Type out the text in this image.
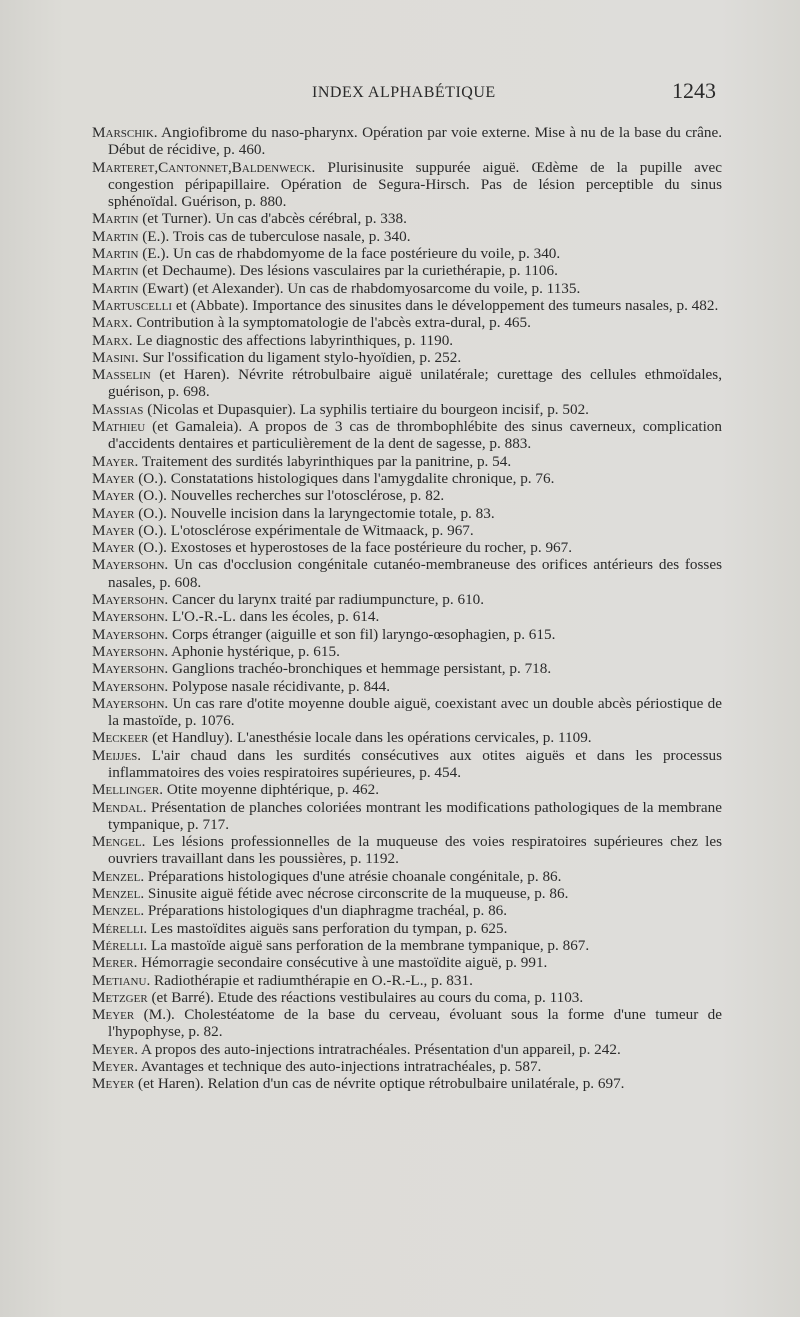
INDEX ALPHABÉTIQUE	1243

Marschik. Angiofibrome du naso-pharynx. Opération par voie externe. Mise à nu de la base du crâne. Début de récidive, p. 460.

Marteret,Cantonnet,Baldenweck. Plurisinusite suppurée aiguë. Œdème de la pupille avec congestion péripapillaire. Opération de Segura-Hirsch. Pas de lésion perceptible du sinus sphénoïdal. Guérison, p. 880.

Martin (et Turner). Un cas d'abcès cérébral, p. 338.

Martin (E.). Trois cas de tuberculose nasale, p. 340.

Martin (E.). Un cas de rhabdomyome de la face postérieure du voile, p. 340.

Martin (et Dechaume). Des lésions vasculaires par la curiethérapie, p. 1106.

Martin (Ewart) (et Alexander). Un cas de rhabdomyosarcome du voile, p. 1135.

Martuscelli et (Abbate). Importance des sinusites dans le développement des tumeurs nasales, p. 482.

Marx. Contribution à la symptomatologie de l'abcès extra-dural, p. 465.

Marx. Le diagnostic des affections labyrinthiques, p. 1190.

Masini. Sur l'ossification du ligament stylo-hyoïdien, p. 252.

Masselin (et Haren). Névrite rétrobulbaire aiguë unilatérale; curettage des cellules ethmoïdales, guérison, p. 698.

Massias (Nicolas et Dupasquier). La syphilis tertiaire du bourgeon incisif, p. 502.

Mathieu (et Gamaleia). A propos de 3 cas de thrombophlébite des sinus caverneux, complication d'accidents dentaires et particulièrement de la dent de sagesse, p. 883.

Mayer. Traitement des surdités labyrinthiques par la panitrine, p. 54.

Mayer (O.). Constatations histologiques dans l'amygdalite chronique, p. 76.

Mayer (O.). Nouvelles recherches sur l'otosclérose, p. 82.

Mayer (O.). Nouvelle incision dans la laryngectomie totale, p. 83.

Mayer (O.). L'otosclérose expérimentale de Witmaack, p. 967.

Mayer (O.). Exostoses et hyperostoses de la face postérieure du rocher, p. 967.

Mayersohn. Un cas d'occlusion congénitale cutanéo-membraneuse des orifices antérieurs des fosses nasales, p. 608.

Mayersohn. Cancer du larynx traité par radiumpuncture, p. 610.

Mayersohn. L'O.-R.-L. dans les écoles, p. 614.

Mayersohn. Corps étranger (aiguille et son fil) laryngo-œsophagien, p. 615.

Mayersohn. Aphonie hystérique, p. 615.

Mayersohn. Ganglions trachéo-bronchiques et hemmage persistant, p. 718.

Mayersohn. Polypose nasale récidivante, p. 844.

Mayersohn. Un cas rare d'otite moyenne double aiguë, coexistant avec un double abcès périostique de la mastoïde, p. 1076.

Meckeer (et Handluy). L'anesthésie locale dans les opérations cervicales, p. 1109.

Meijjes. L'air chaud dans les surdités consécutives aux otites aiguës et dans les processus inflammatoires des voies respiratoires supérieures, p. 454.

Mellinger. Otite moyenne diphtérique, p. 462.

Mendal. Présentation de planches coloriées montrant les modifications pathologiques de la membrane tympanique, p. 717.

Mengel. Les lésions professionnelles de la muqueuse des voies respiratoires supérieures chez les ouvriers travaillant dans les poussières, p. 1192.

Menzel. Préparations histologiques d'une atrésie choanale congénitale, p. 86.

Menzel. Sinusite aiguë fétide avec nécrose circonscrite de la muqueuse, p. 86.

Menzel. Préparations histologiques d'un diaphragme trachéal, p. 86.

Mérelli. Les mastoïdites aiguës sans perforation du tympan, p. 625.

Mérelli. La mastoïde aiguë sans perforation de la membrane tympanique, p. 867.

Merer. Hémorragie secondaire consécutive à une mastoïdite aiguë, p. 991.

Metianu. Radiothérapie et radiumthérapie en O.-R.-L., p. 831.

Metzger (et Barré). Etude des réactions vestibulaires au cours du coma, p. 1103.

Meyer (M.). Cholestéatome de la base du cerveau, évoluant sous la forme d'une tumeur de l'hypophyse, p. 82.

Meyer. A propos des auto-injections intratrachéales. Présentation d'un appareil, p. 242.

Meyer. Avantages et technique des auto-injections intratrachéales, p. 587.

Meyer (et Haren). Relation d'un cas de névrite optique rétrobulbaire unilatérale, p. 697.
